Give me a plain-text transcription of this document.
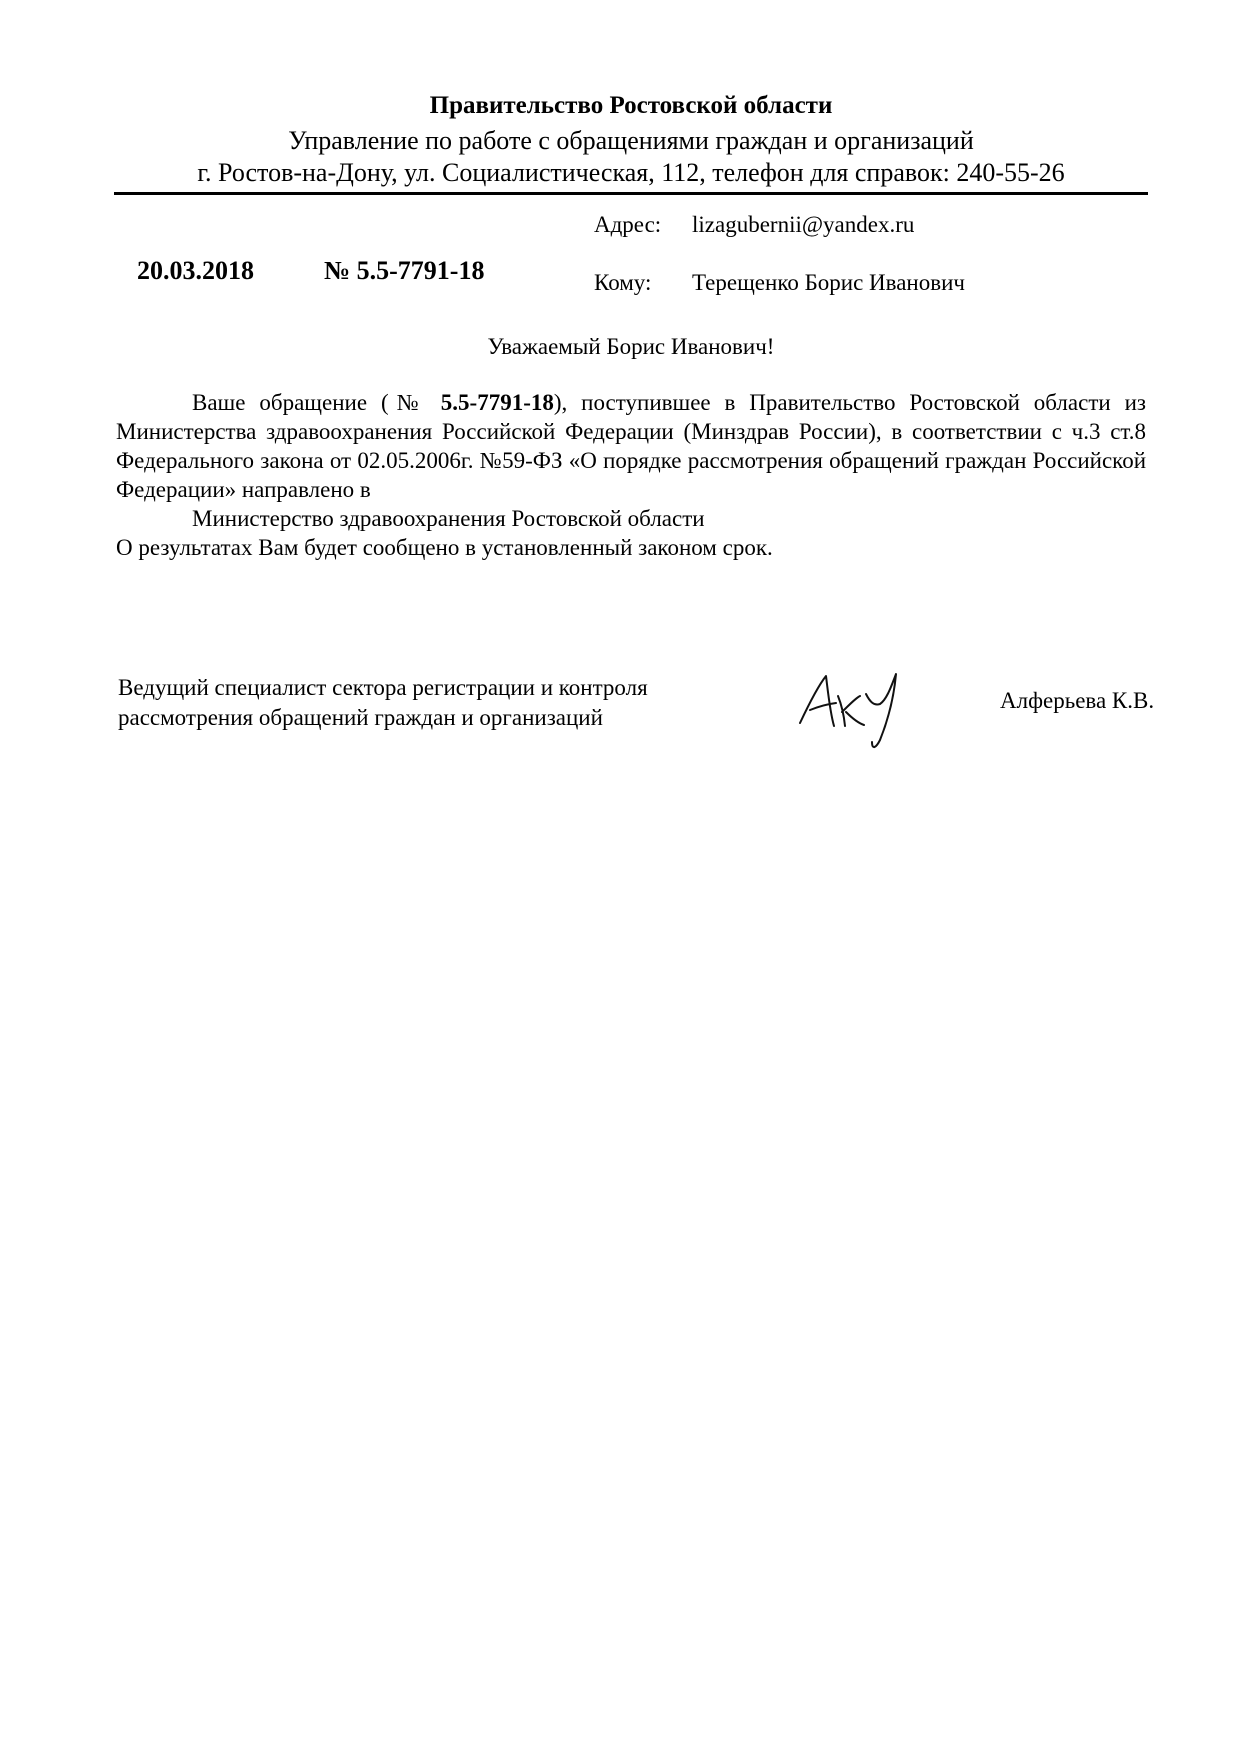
Правительство Ростовской области
Управление по работе с обращениями граждан и организаций
г. Ростов-на-Дону, ул. Социалистическая, 112, телефон для справок: 240-55-26
Адрес: lizagubernii@yandex.ru
20.03.2018	№ 5.5-7791-18	Кому: Терещенко Борис Иванович
Уважаемый Борис Иванович!

Ваше обращение (№ 5.5-7791-18), поступившее в Правительство Ростовской области из Министерства здравоохранения Российской Федерации (Минздрав России), в соответствии с ч.3 ст.8 Федерального закона от 02.05.2006г. №59-ФЗ «О порядке рассмотрения обращений граждан Российской Федерации» направлено в

Министерство здравоохранения Ростовской области

О результатах Вам будет сообщено в установленный законом срок.

Ведущий специалист сектора регистрации и контроля
рассмотрения обращений граждан и организаций
Алферьева К.В.
